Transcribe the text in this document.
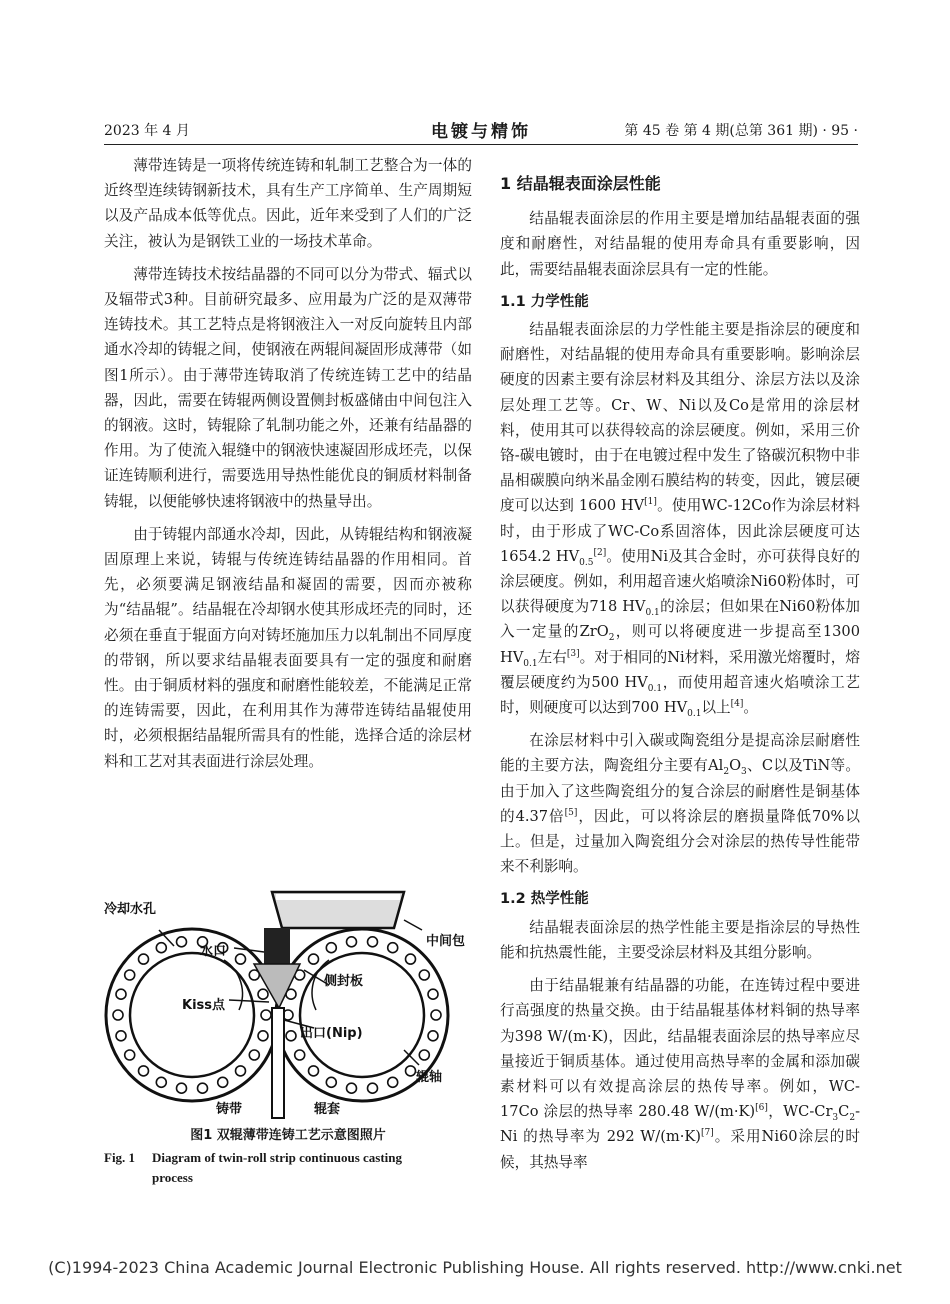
2023 年 4 月	电镀与精饰	第 45 卷 第 4 期(总第 361 期) · 95 ·

薄带连铸是一项将传统连铸和轧制工艺整合为一体的近终型连续铸钢新技术，具有生产工序简单、生产周期短以及产品成本低等优点。因此，近年来受到了人们的广泛关注，被认为是钢铁工业的一场技术革命。

薄带连铸技术按结晶器的不同可以分为带式、辐式以及辐带式3种。目前研究最多、应用最为广泛的是双薄带连铸技术。其工艺特点是将钢液注入一对反向旋转且内部通水冷却的铸辊之间，使钢液在两辊间凝固形成薄带（如图1所示）。由于薄带连铸取消了传统连铸工艺中的结晶器，因此，需要在铸辊两侧设置侧封板盛储由中间包注入的钢液。这时，铸辊除了轧制功能之外，还兼有结晶器的作用。为了使流入辊缝中的钢液快速凝固形成坯壳，以保证连铸顺利进行，需要选用导热性能优良的铜质材料制备铸辊，以便能够快速将钢液中的热量导出。

由于铸辊内部通水冷却，因此，从铸辊结构和钢液凝固原理上来说，铸辊与传统连铸结晶器的作用相同。首先，必须要满足钢液结晶和凝固的需要，因而亦被称为“结晶辊”。结晶辊在冷却钢水使其形成坯壳的同时，还必须在垂直于辊面方向对铸坯施加压力以轧制出不同厚度的带钢，所以要求结晶辊表面要具有一定的强度和耐磨性。由于铜质材料的强度和耐磨性能较差，不能满足正常的连铸需要，因此，在利用其作为薄带连铸结晶辊使用时，必须根据结晶辊所需具有的性能，选择合适的涂层材料和工艺对其表面进行涂层处理。

冷却水孔
中间包
水口
侧封板
Kiss点
出口(Nip)
辊轴
铸带	辊套
图1 双辊薄带连铸工艺示意图照片
Fig. 1 Diagram of twin-roll strip continuous casting
process
1 结晶辊表面涂层性能

结晶辊表面涂层的作用主要是增加结晶辊表面的强度和耐磨性，对结晶辊的使用寿命具有重要影响，因此，需要结晶辊表面涂层具有一定的性能。

1.1 力学性能

结晶辊表面涂层的力学性能主要是指涂层的硬度和耐磨性，对结晶辊的使用寿命具有重要影响。影响涂层硬度的因素主要有涂层材料及其组分、涂层方法以及涂层处理工艺等。Cr、W、Ni以及Co是常用的涂层材料，使用其可以获得较高的涂层硬度。例如，采用三价铬-碳电镀时，由于在电镀过程中发生了铬碳沉积物中非晶相碳膜向纳米晶金刚石膜结构的转变，因此，镀层硬度可以达到 1600 HV[1]。使用WC-12Co作为涂层材料时，由于形成了WC-Co系固溶体，因此涂层硬度可达1654.2 $HV_{0.5}[2]$。使用Ni及其合金时，亦可获得良好的涂层硬度。例如，利用超音速火焰喷涂Ni60粉体时，可以获得硬度为718 $HV_{0.1}$的涂层；但如果在Ni60粉体加入一定量的ZrO$_2$，则可以将硬度进一步提高至1300 $HV_{0.1}$左右[3]。对于相同的Ni材料，采用激光熔覆时，熔覆层硬度约为500 $HV_{0.1}$，而使用超音速火焰喷涂工艺时，则硬度可以达到700 $HV_{0.1}$以上[4]。

在涂层材料中引入碳或陶瓷组分是提高涂层耐磨性能的主要方法，陶瓷组分主要有$Al_2O_3$、C以及TiN等。由于加入了这些陶瓷组分的复合涂层的耐磨性是铜基体的4.37倍[5]，因此，可以将涂层的磨损量降低70%以上。但是，过量加入陶瓷组分会对涂层的热传导性能带来不利影响。

1.2 热学性能

结晶辊表面涂层的热学性能主要是指涂层的导热性能和抗热震性能，主要受涂层材料及其组分影响。

由于结晶辊兼有结晶器的功能，在连铸过程中要进行高强度的热量交换。由于结晶辊基体材料铜的热导率为398 W/(m·K)，因此，结晶辊表面涂层的热导率应尽量接近于铜质基体。通过使用高热导率的金属和添加碳素材料可以有效提高涂层的热传导率。例如，WC-17Co 涂层的热导率 280.48 W/(m·K)[6]，$WC-Cr_3C_2-Ni$ 的热导率为 292 W/(m·K)[7]。采用Ni60涂层的时候，其热导率

(C)1994-2023 China Academic Journal Electronic Publishing House. All rights reserved. http://www.cnki.net
